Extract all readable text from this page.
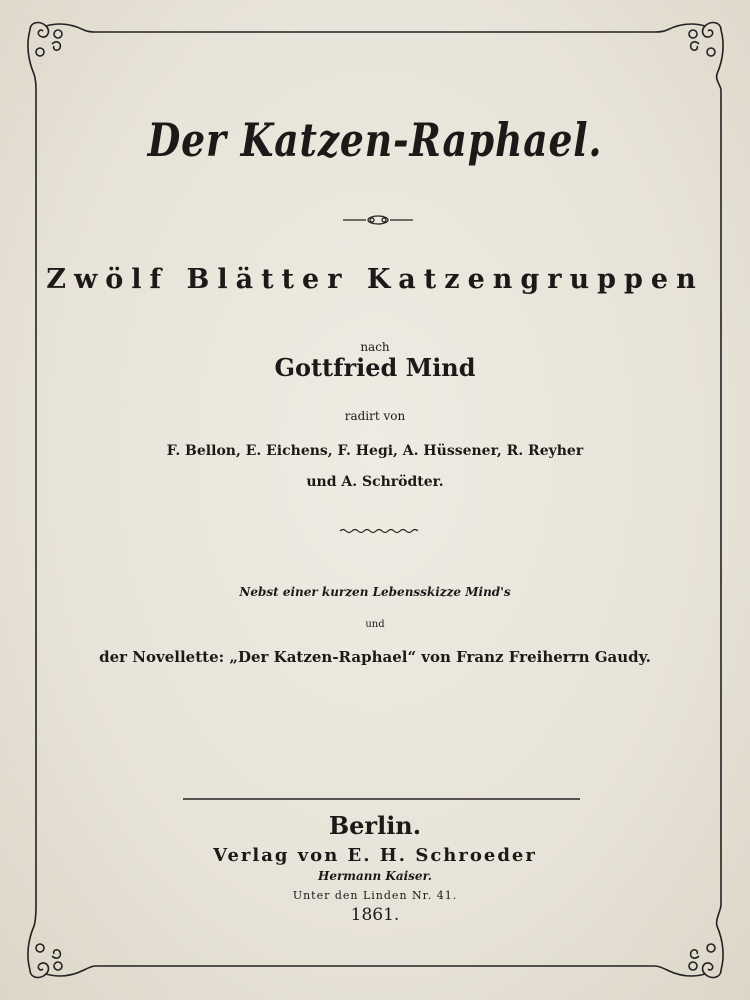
Der Katzen-Raphael.
Zwölf Blätter Katzengruppen
nach
Gottfried Mind
radirt von
F. Bellon, E. Eichens, F. Hegi, A. Hüssener, R. Reyher
und A. Schrödter.
Nebst einer kurzen Lebensskizze Mind's
und
der Novellette: „Der Katzen-Raphael“ von Franz Freiherrn Gaudy.
Berlin.
Verlag von E. H. Schroeder
Hermann Kaiser.
Unter den Linden Nr. 41.
1861.
